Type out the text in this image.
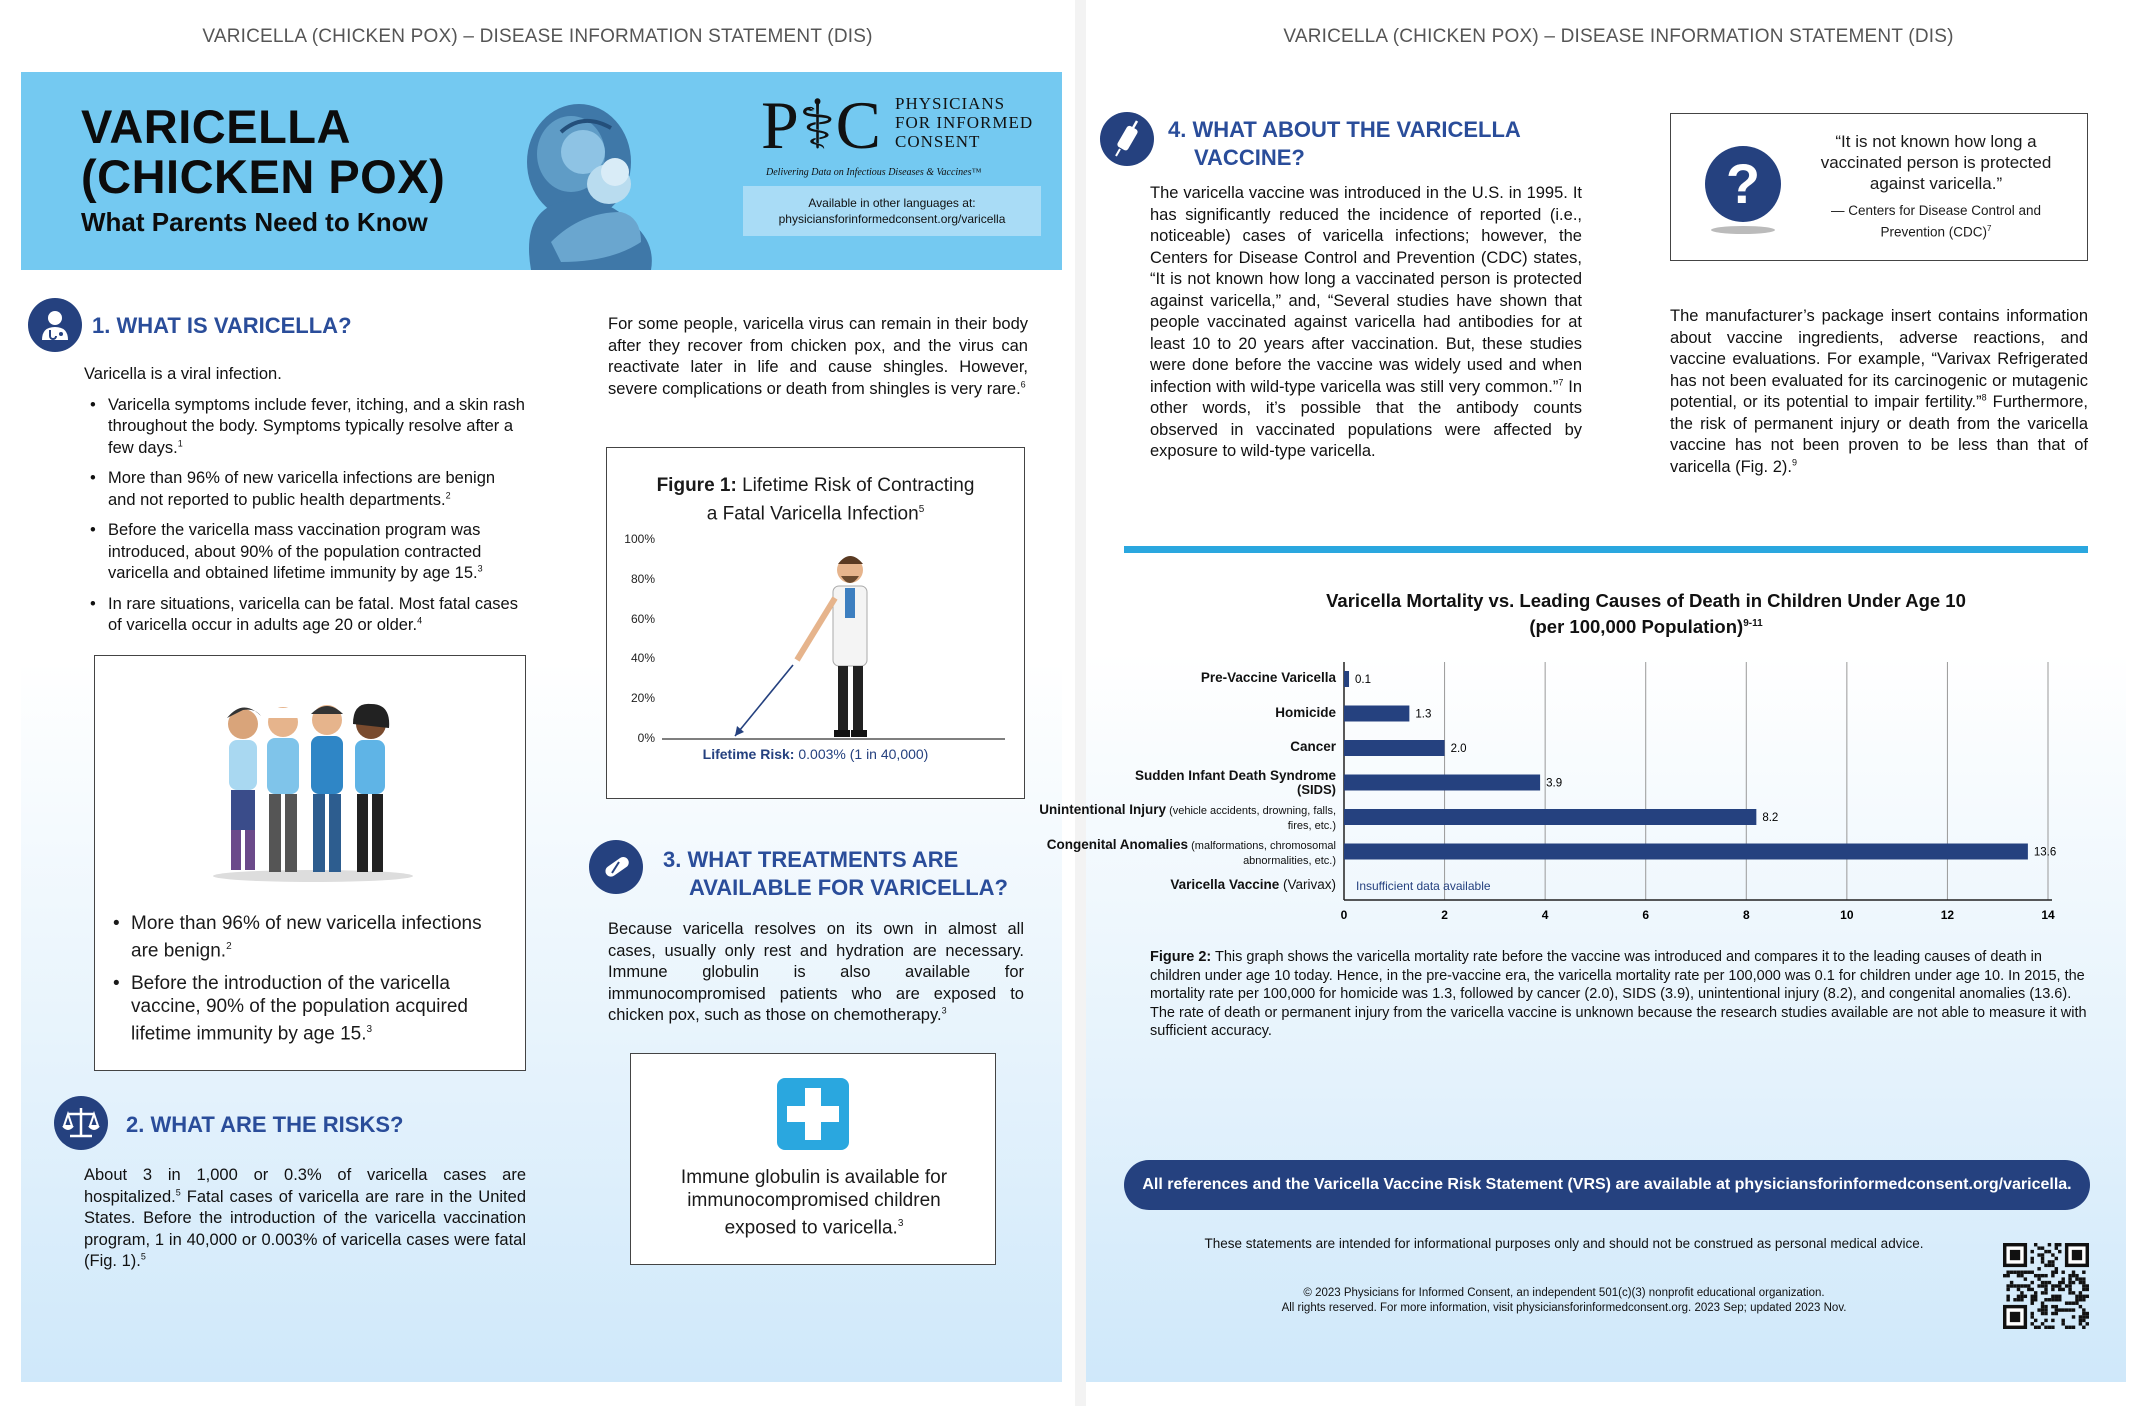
VARICELLA (CHICKEN POX) – DISEASE INFORMATION STATEMENT (DIS)
VARICELLA
(CHICKEN POX)
What Parents Need to Know
P⚕C PHYSICIANS
FOR INFORMED
CONSENT
Delivering Data on Infectious Diseases & Vaccines™
Available in other languages at:
physiciansforinformedconsent.org/varicella
1. WHAT IS VARICELLA?
Varicella is a viral infection.
• Varicella symptoms include fever, itching, and a skin rash throughout the body. Symptoms typically resolve after a few days.$^1$
• More than 96% of new varicella infections are benign and not reported to public health departments.$^2$
• Before the varicella mass vaccination program was introduced, about 90% of the population contracted varicella and obtained lifetime immunity by age 15.$^3$
• In rare situations, varicella can be fatal. Most fatal cases of varicella occur in adults age 20 or older.$^4$
• More than 96% of new varicella infections are benign.$^2$
• Before the introduction of the varicella vaccine, 90% of the population acquired lifetime immunity by age 15.$^3$
2. WHAT ARE THE RISKS?
About 3 in 1,000 or 0.3% of varicella cases are hospitalized.$^5$ Fatal cases of varicella are rare in the United States. Before the introduction of the varicella vaccination program, 1 in 40,000 or 0.003% of varicella cases were fatal (Fig. 1).$^5$
For some people, varicella virus can remain in their body after they recover from chicken pox, and the virus can reactivate later in life and cause shingles. However, severe complications or death from shingles is very rare.$^6$
Figure 1: Lifetime Risk of Contracting
a Fatal Varicella Infection$^5$
100%
80%
60%
40%
20%
0%
Lifetime Risk: 0.003% (1 in 40,000)
3. WHAT TREATMENTS ARE
AVAILABLE FOR VARICELLA?
Because varicella resolves on its own in almost all cases, usually only rest and hydration are necessary. Immune globulin is also available for immunocompromised patients who are exposed to chicken pox, such as those on chemotherapy.$^3$
Immune globulin is available for immunocompromised children exposed to varicella.$^3$
VARICELLA (CHICKEN POX) – DISEASE INFORMATION STATEMENT (DIS)
4. WHAT ABOUT THE VARICELLA
VACCINE?
The varicella vaccine was introduced in the U.S. in 1995. It has significantly reduced the incidence of reported (i.e., noticeable) cases of varicella infections; however, the Centers for Disease Control and Prevention (CDC) states, “It is not known how long a vaccinated person is protected against varicella,” and, “Several studies have shown that people vaccinated against varicella had antibodies for at least 10 to 20 years after vaccination. But, these studies were done before the vaccine was widely used and when infection with wild-type varicella was still very common.”$^7$ In other words, it’s possible that the antibody counts observed in vaccinated populations were affected by exposure to wild-type varicella.
?
“It is not known how long a vaccinated person is protected against varicella.”
— Centers for Disease Control and Prevention (CDC)$^7$
The manufacturer’s package insert contains information about vaccine ingredients, adverse reactions, and vaccine evaluations. For example, “Varivax Refrigerated has not been evaluated for its carcinogenic or mutagenic potential, or its potential to impair fertility.”$^8$ Furthermore, the risk of permanent injury or death from the varicella vaccine has not been proven to be less than that of varicella (Fig. 2).$^9$
Varicella Mortality vs. Leading Causes of Death in Children Under Age 10
(per 100,000 Population)$^{9-11}$
Pre-Vaccine Varicella
Homicide
Cancer
Sudden Infant Death Syndrome
(SIDS)
Unintentional Injury (vehicle accidents, drowning, falls, fires, etc.)
Congenital Anomalies (malformations, chromosomal abnormalities, etc.)
Varicella Vaccine (Varivax)
0	2	4	6	8	10	12	14
0.1
1.3
2.0
3.9
8.2
13.6
Insufficient data available
Figure 2: This graph shows the varicella mortality rate before the vaccine was introduced and compares it to the leading causes of death in children under age 10 today. Hence, in the pre-vaccine era, the varicella mortality rate per 100,000 was 0.1 for children under age 10. In 2015, the mortality rate per 100,000 for homicide was 1.3, followed by cancer (2.0), SIDS (3.9), unintentional injury (8.2), and congenital anomalies (13.6). The rate of death or permanent injury from the varicella vaccine is unknown because the research studies available are not able to measure it with sufficient accuracy.
All references and the Varicella Vaccine Risk Statement (VRS) are available at physiciansforinformedconsent.org/varicella.
These statements are intended for informational purposes only and should not be construed as personal medical advice.
© 2023 Physicians for Informed Consent, an independent 501(c)(3) nonprofit educational organization.
All rights reserved. For more information, visit physiciansforinformedconsent.org. 2023 Sep; updated 2023 Nov.
